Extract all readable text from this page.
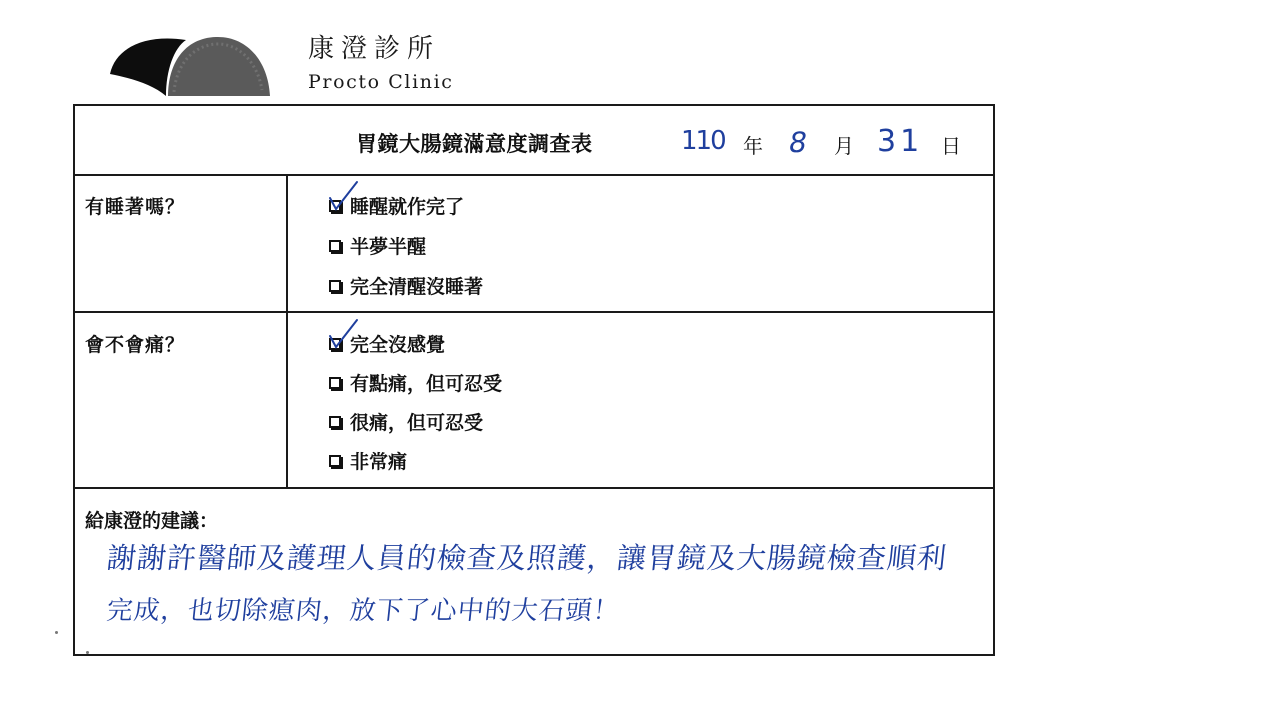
康澄診所
Procto Clinic
胃鏡大腸鏡滿意度調查表	110 年 8 月 31 日
有睡著嗎？	睡醒就作完了
半夢半醒
完全清醒沒睡著
會不會痛？	完全沒感覺
有點痛，但可忍受
很痛，但可忍受
非常痛
給康澄的建議：
謝謝許醫師及護理人員的檢查及照護，讓胃鏡及大腸鏡檢查順利
完成，也切除瘜肉，放下了心中的大石頭！
